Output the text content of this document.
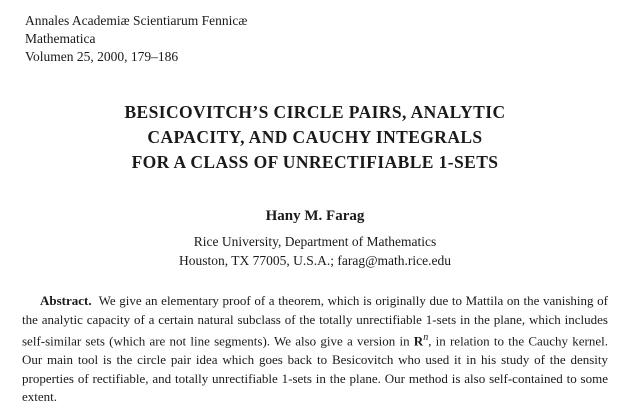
Annales Academiæ Scientiarum Fennicæ
Mathematica
Volumen 25, 2000, 179–186
BESICOVITCH’S CIRCLE PAIRS, ANALYTIC
CAPACITY, AND CAUCHY INTEGRALS
FOR A CLASS OF UNRECTIFIABLE 1-SETS
Hany M. Farag
Rice University, Department of Mathematics
Houston, TX 77005, U.S.A.; farag@math.rice.edu

Abstract. We give an elementary proof of a theorem, which is originally due to Mattila on the vanishing of the analytic capacity of a certain natural subclass of the totally unrectifiable 1-sets in the plane, which includes self-similar sets (which are not line segments). We also give a version in $R^n$, in relation to the Cauchy kernel. Our main tool is the circle pair idea which goes back to Besicovitch who used it in his study of the density properties of rectifiable, and totally unrectifiable 1-sets in the plane. Our method is also self-contained to some extent.
